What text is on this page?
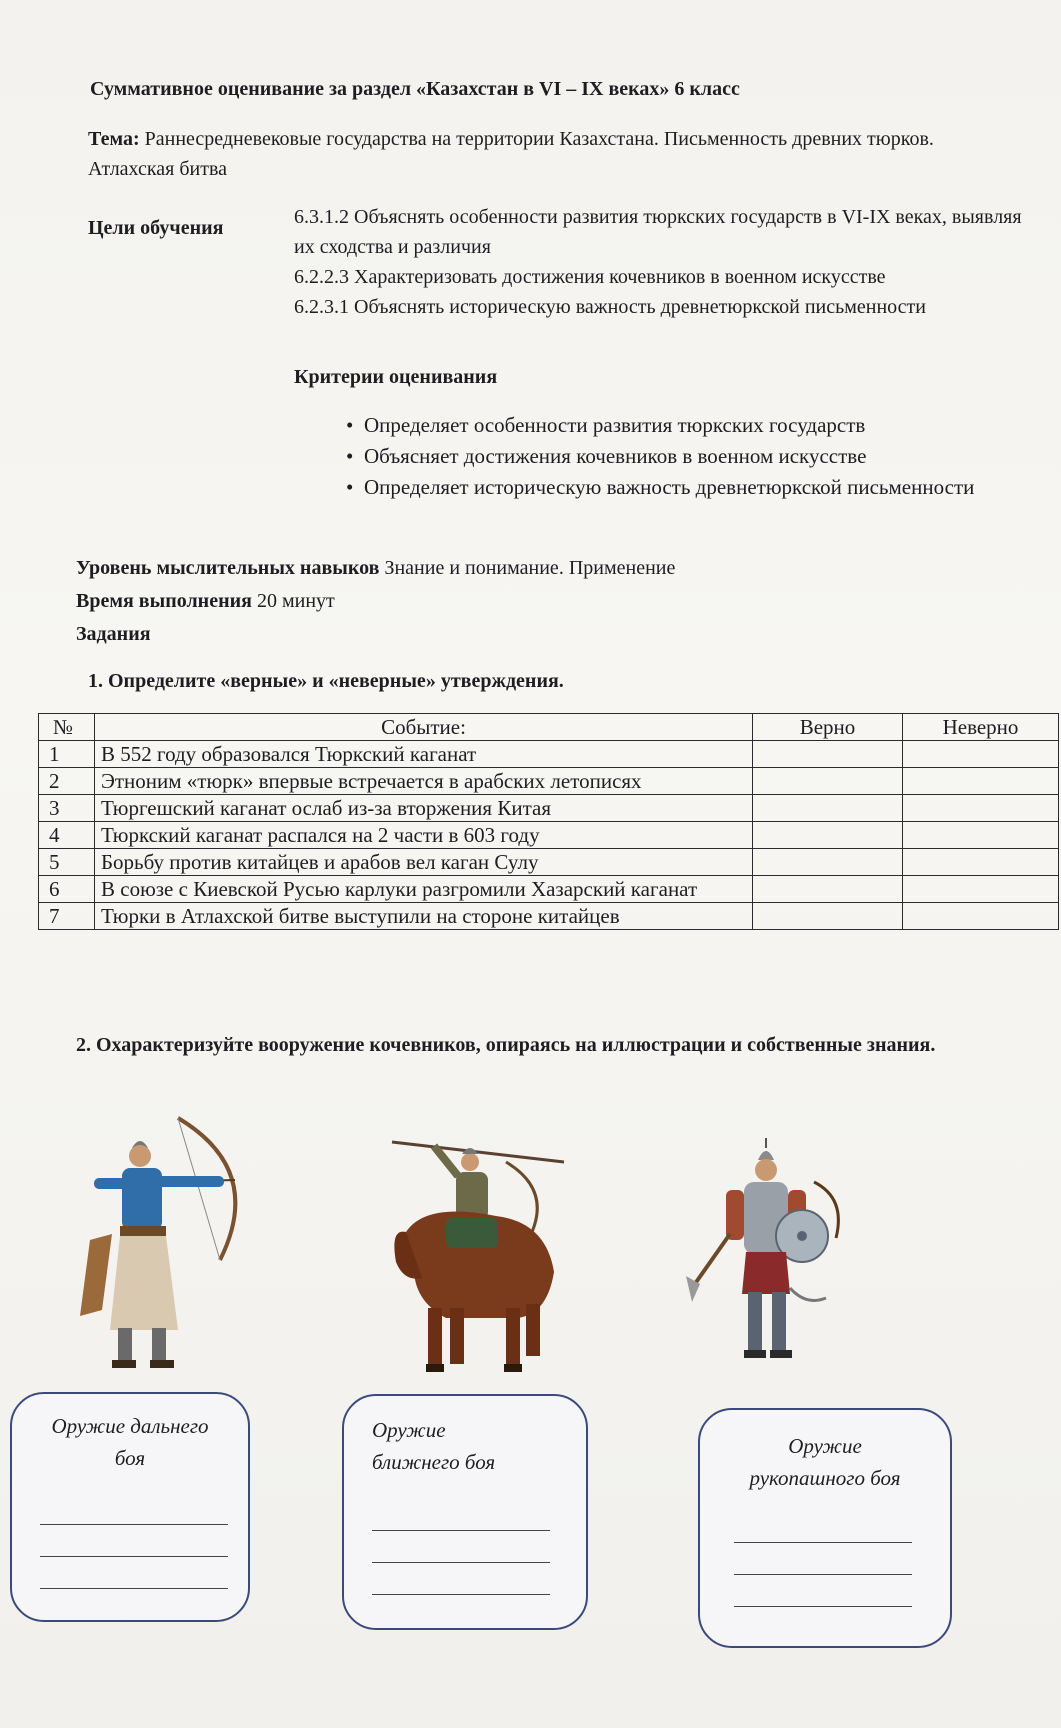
Суммативное оценивание за раздел «Казахстан в VI – IX веках» 6 класс
Тема: Раннесредневековые государства на территории Казахстана. Письменность древних тюрков. Атлахская битва
Цели обучения	6.3.1.2 Объяснять особенности развития тюркских государств в VI-IX веках, выявляя их сходства и различия
6.2.2.3 Характеризовать достижения кочевников в военном искусстве
6.2.3.1 Объяснять историческую важность древнетюркской письменности
Критерии оценивания
• Определяет особенности развития тюркских государств
• Объясняет достижения кочевников в военном искусстве
• Определяет историческую важность древнетюркской письменности
Уровень мыслительных навыков Знание и понимание. Применение
Время выполнения 20 минут
Задания
1. Определите «верные» и «неверные» утверждения.
№	Событие:	Верно	Неверно
1	В 552 году образовался Тюркский каганат		
2	Этноним «тюрк» впервые встречается в арабских летописях		
3	Тюргешский каганат ослаб из-за вторжения Китая		
4	Тюркский каганат распался на 2 части в 603 году		
5	Борьбу против китайцев и арабов вел каган Сулу		
6	В союзе с Киевской Русью карлуки разгромили Хазарский каганат		
7	Тюрки в Атлахской битве выступили на стороне китайцев		
2. Охарактеризуйте вооружение кочевников, опираясь на иллюстрации и собственные знания.
Оружие дальнего
боя
Оружие
ближнего боя
Оружие
рукопашного боя
